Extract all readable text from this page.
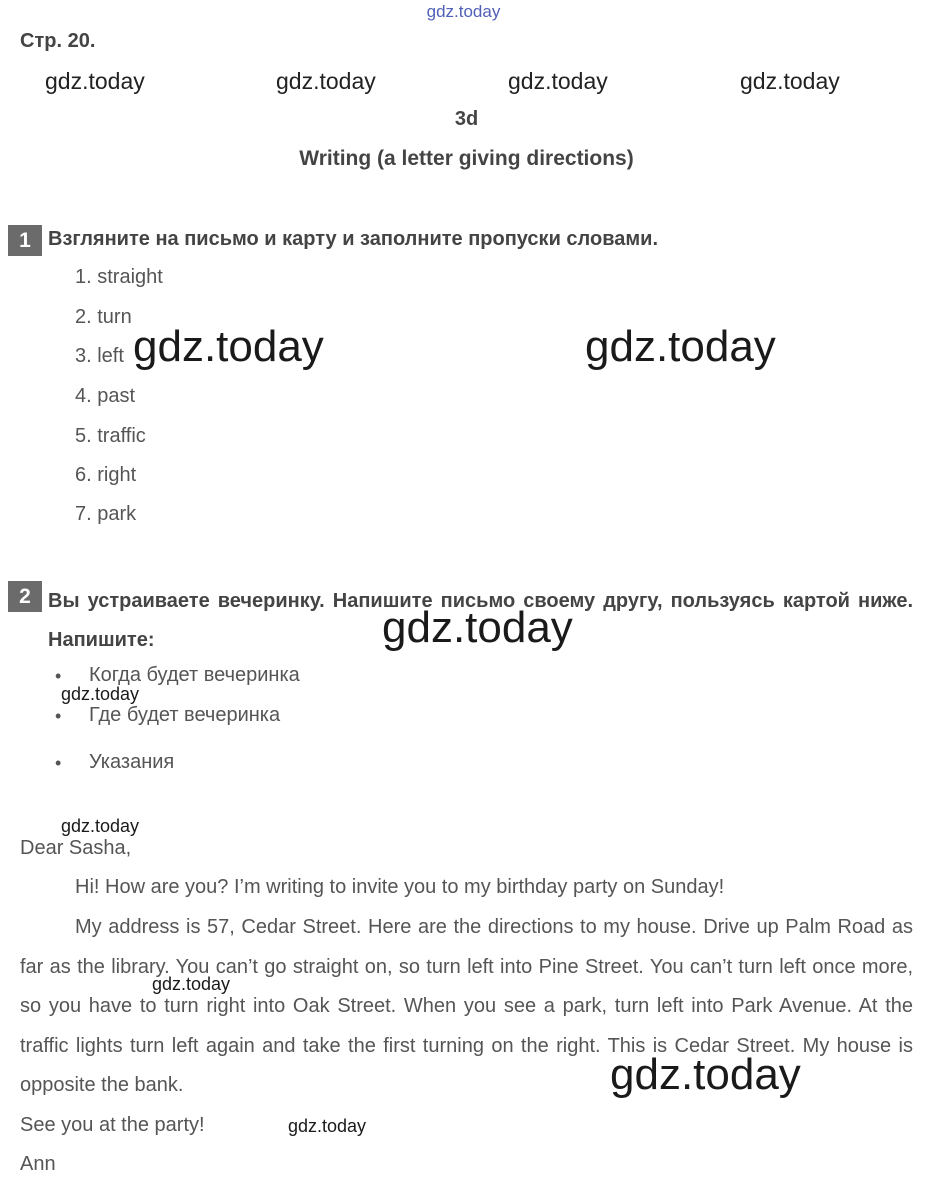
gdz.today
Стр. 20.
gdz.today	gdz.today	gdz.today	gdz.today
3d
Writing (a letter giving directions)
1 Взгляните на письмо и карту и заполните пропуски словами.
1. straight
2. turn
3. left
4. past
5. traffic
6. right
7. park
gdz.today	gdz.today
2 Вы устраиваете вечеринку. Напишите письмо своему другу, пользуясь картой ниже. Напишите:	gdz.today
• Когда будет вечеринка
• Где будет вечеринка
• Указания
gdz.today
gdz.today
Dear Sasha,
Hi! How are you? I’m writing to invite you to my birthday party on Sunday!
My address is 57, Cedar Street. Here are the directions to my house. Drive up Palm Road as far as the library. You can’t go straight on, so turn left into Pine Street. You can’t turn left once more, so you have to turn right into Oak Street. When you see a park, turn left into Park Avenue. At the traffic lights turn left again and take the first turning on the right. This is Cedar Street. My house is opposite the bank.
gdz.today
gdz.today
See you at the party!	gdz.today
Ann
